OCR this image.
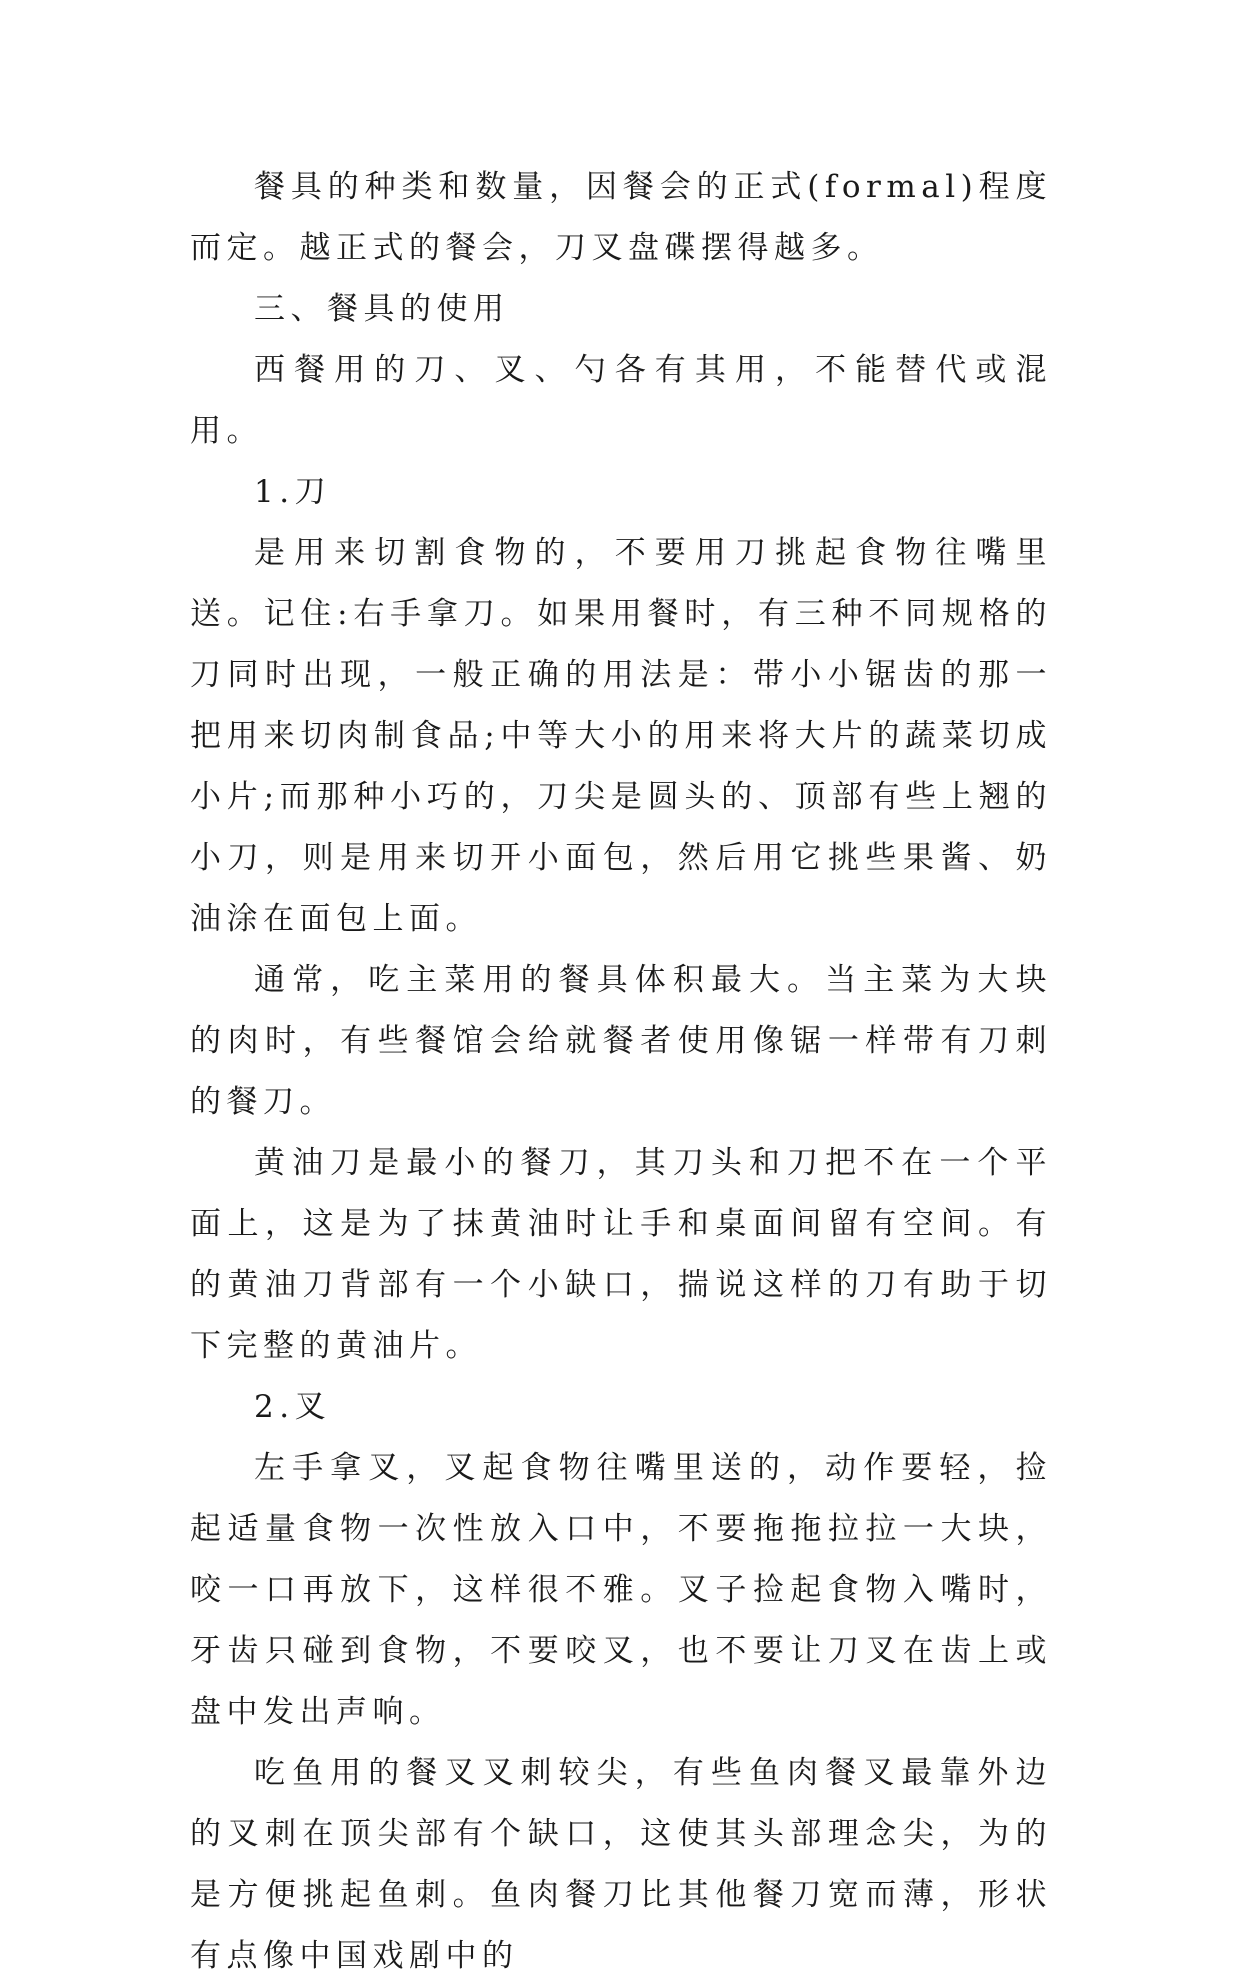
餐具的种类和数量，因餐会的正式(formal)程度而定。越正式的餐会，刀叉盘碟摆得越多。

三、餐具的使用

西餐用的刀、叉、勺各有其用，不能替代或混用。

1.刀

是用来切割食物的，不要用刀挑起食物往嘴里送。记住:右手拿刀。如果用餐时，有三种不同规格的刀同时出现，一般正确的用法是：带小小锯齿的那一把用来切肉制食品;中等大小的用来将大片的蔬菜切成小片;而那种小巧的，刀尖是圆头的、顶部有些上翘的小刀，则是用来切开小面包，然后用它挑些果酱、奶油涂在面包上面。

通常，吃主菜用的餐具体积最大。当主菜为大块的肉时，有些餐馆会给就餐者使用像锯一样带有刀刺的餐刀。

黄油刀是最小的餐刀，其刀头和刀把不在一个平面上，这是为了抹黄油时让手和桌面间留有空间。有的黄油刀背部有一个小缺口，揣说这样的刀有助于切下完整的黄油片。

2.叉

左手拿叉，叉起食物往嘴里送的，动作要轻，捡起适量食物一次性放入口中，不要拖拖拉拉一大块，咬一口再放下，这样很不雅。叉子捡起食物入嘴时，牙齿只碰到食物，不要咬叉，也不要让刀叉在齿上或盘中发出声响。

吃鱼用的餐叉叉刺较尖，有些鱼肉餐叉最靠外边的叉刺在顶尖部有个缺口，这使其头部理念尖，为的是方便挑起鱼刺。鱼肉餐刀比其他餐刀宽而薄，形状有点像中国戏剧中的
